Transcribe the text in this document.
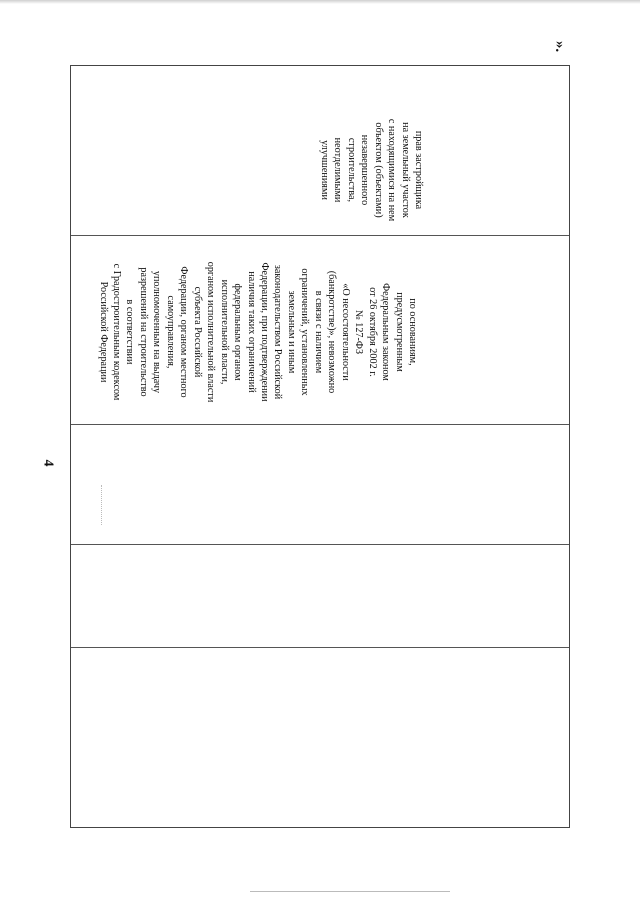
».
4

прав застройщика
на земельный участок
с находящимися на нем
объектом (объектами)
незавершенного
строительства,
неотделимыми
улучшениями

по основаниям,
предусмотренным
Федеральным законом
от 26 октября 2002 г.
№ 127-ФЗ
«О несостоятельности
(банкротстве)», невозможно
в связи с наличием
ограничений, установленных
земельным и иным
законодательством Российской
Федерации, при подтверждении
наличия таких ограничений
федеральным органом
исполнительной власти,
органом исполнительной власти
субъекта Российской
Федерации, органом местного
самоуправления,
уполномоченным на выдачу
разрешений на строительство
в соответствии
с Градостроительным кодексом
Российской Федерации
